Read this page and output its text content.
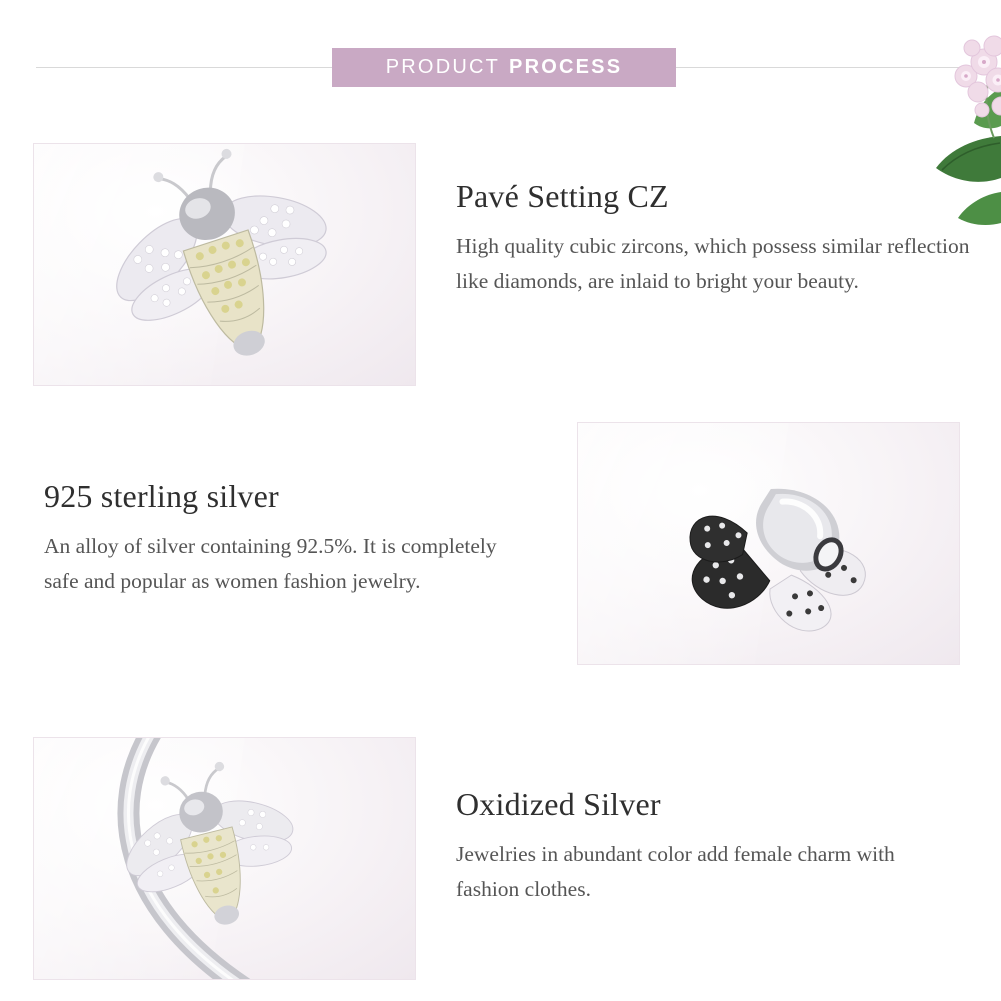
PRODUCT PROCESS
Pavé Setting CZ

High quality cubic zircons, which possess similar reflection like diamonds, are inlaid to bright your beauty.

925 sterling silver

An alloy of silver containing 92.5%. It is completely safe and popular as women fashion jewelry.

Oxidized Silver

Jewelries in abundant color add female charm with fashion clothes.
